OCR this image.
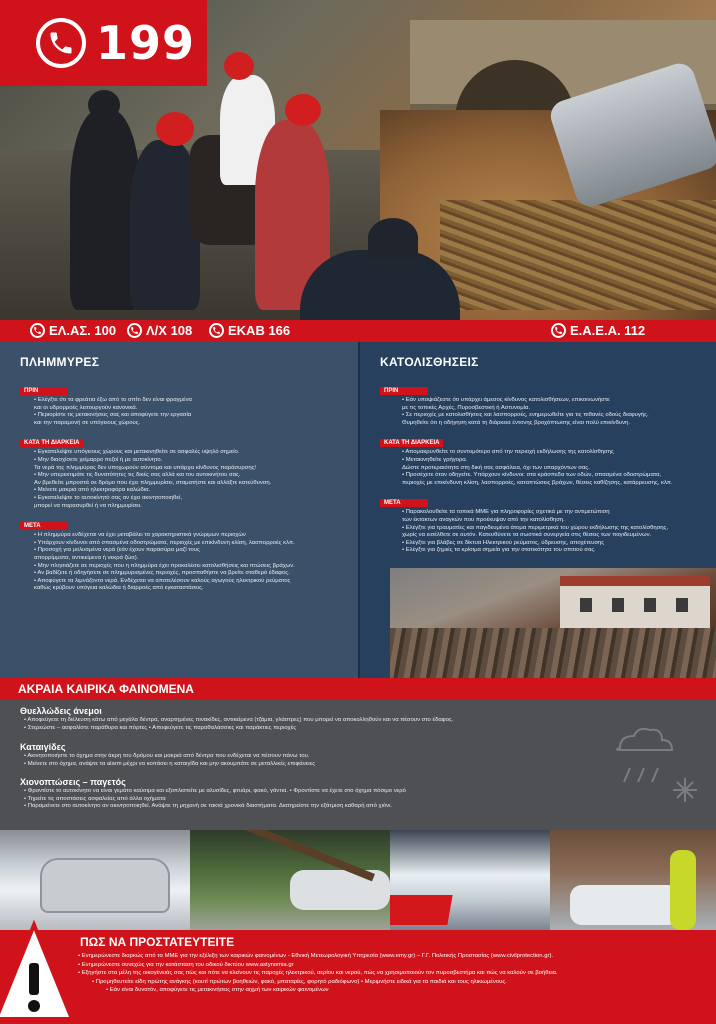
199
ΕΛ.ΑΣ. 100 Λ/Χ 108	ΕΚΑΒ 166	Ε.Α.Ε.Α. 112
ΠΛΗΜΜΥΡΕΣ
ΠΡΙΝ
• Ελέγξτε ότι τα φρεάτια έξω από το σπίτι δεν είναι φραγμένα
και οι υδρορροές λειτουργούν κανονικά.
• Περιορίστε τις μετακινήσεις σας και αποφύγετε την εργασία
και την παραμονή σε υπόγειους χώρους.
ΚΑΤΑ ΤΗ ΔΙΑΡΚΕΙΑ
• Εγκαταλείψτε υπόγειους χώρους και μετακινηθείτε σε ασφαλές υψηλό σημείο.
• Μην διασχίσετε χείμαρρο πεζοί ή με αυτοκίνητο.
Τα νερά της πλημμύρας δεν υποχωρούν σύντομα και υπάρχει κίνδυνος παράσυρσης!
• Μην υπερεκτιμάτε τις δυνατότητες τις δικές σας αλλά και του αυτοκινήτου σας.
Αν βρεθείτε μπροστά σε δρόμο που έχει πλημμυρίσει, σταματήστε και αλλάξτε κατεύθυνση.
• Μείνετε μακριά από ηλεκτροφόρα καλώδια.
• Εγκαταλείψτε το αυτοκίνητό σας αν έχει ακινητοποιηθεί,
μπορεί να παρασυρθεί ή να πλημμυρίσει.
ΜΕΤΑ
• Η πλημμύρα ενδέχεται να έχει μεταβάλει τα χαρακτηριστικά γνώριμων περιοχών
• Υπάρχουν κίνδυνοι από σπασμένα οδοστρώματα, περιοχές με επικίνδυνη κλίση, λασπορροές κλπ.
• Προσοχή για μολυσμένα νερά (εάν έχουν παρασύρει μαζί τους
απορρίμματα, αντικείμενα ή νεκρά ζώα).
• Μην πλησιάζετε σε περιοχές που η πλημμύρα έχει προκαλέσει κατολισθήσεις και πτώσεις βράχων.
• Αν βαδίζετε ή οδηγήσετε σε πλημμυρισμένες περιοχές, προσπαθήστε να βρείτε σταθερό έδαφος.
• Αποφύγετε τα λιμνάζοντα νερά. Ενδέχεται να αποτελέσουν καλούς αγωγούς ηλεκτρικού ρεύματος
καθώς κρύβουν υπόγεια καλώδια ή διαρροές από εγκαταστάσεις.
ΚΑΤΟΛΙΣΘΗΣΕΙΣ
ΠΡΙΝ
• Εάν υποψιάζεστε ότι υπάρχει άμεσος κίνδυνος κατολισθήσεων, επικοινωνήστε
με τις τοπικές Αρχές, Πυροσβεστική ή Αστυνομία.
• Σε περιοχές με κατολισθήσεις και λασπορροές, ενημερωθείτε για τις πιθανές οδούς διαφυγής.
Θυμηθείτε ότι η οδήγηση κατά τη διάρκεια έντονης βροχόπτωσης είναι πολύ επικίνδυνη.
ΚΑΤΑ ΤΗ ΔΙΑΡΚΕΙΑ
• Απομακρυνθείτε το συντομότερο από την περιοχή εκδήλωσης της κατολίσθησης
• Μετακινηθείτε γρήγορα.
Δώστε προτεραιότητα στη δική σας ασφάλεια, όχι των υπαρχόντων σας.
• Προσέχετε όταν οδηγείτε. Υπάρχουν κίνδυνοι: στα κράσπεδα των οδών, σπασμένα οδοστρώματα,
περιοχές με επικίνδυνη κλίση, λασπορροές, καταπτώσεις βράχων, θέσεις καθίζησης, κατάρρευσης, κλπ.
ΜΕΤΑ
• Παρακολουθείτε τα τοπικά ΜΜΕ για πληροφορίες σχετικά με την αντιμετώπιση
των έκτακτων αναγκών που προέκυψαν από την κατολίσθηση.
• Ελέγξτε για τραυματίες και παγιδευμένα άτομα περιμετρικά του χώρου εκδήλωσης της κατολίσθησης,
χωρίς να εισέλθετε σε αυτόν. Κατευθύνετε τα σωστικά συνεργεία στις θέσεις των παγιδευμένων.
• Ελέγξτε για βλάβες σε δίκτυα Ηλεκτρικού ρεύματος, ύδρευσης, αποχέτευσης
• Ελέγξτε για ζημιές τα κρίσιμα σημεία για την στατικότητα του σπιτιού σας.
ΑΚΡΑΙΑ ΚΑΙΡΙΚΑ ΦΑΙΝΟΜΕΝΑ
Θυελλώδεις άνεμοι
• Αποφεύγετε τη διέλευση κάτω από μεγάλα δέντρα, αναρτημένες πινακίδες, αντικείμενα (τζάμια, γλάστρες) που μπορεί να αποκολληθούν και να πέσουν στο έδαφος.
• Στερεώστε – ασφαλίστε παράθυρα και πόρτες • Αποφεύγετε τις παραθαλάσσιες και παράκτιες περιοχές
Καταιγίδες
• Ακινητοποιήστε το όχημα στην άκρη του δρόμου και μακριά από δέντρα που ενδέχεται να πέσουν πάνω του.
• Μείνετε στο όχημα, ανάψτε τα alarm μέχρι να κοπάσει η καταιγίδα και μην ακουμπάτε σε μεταλλικές επιφάνειες
Χιονοπτώσεις – παγετός
• Φροντίστε το αυτοκίνητο να είναι γεμάτο καύσιμα και εξοπλιστείτε με αλυσίδες, φτυάρι, φακό, γάντια. • Φροντίστε να έχετε στο όχημα πόσιμο νερό
• Τηρείτε τις αποστάσεις ασφαλείας από άλλα οχήματα
• Παραμείνετε στο αυτοκίνητο αν ακινητοποιηθεί. Ανάψτε τη μηχανή σε τακτά χρονικά διαστήματα. Διατηρείστε την εξάτμιση καθαρή από χιόνι.
ΠΩΣ ΝΑ ΠΡΟΣΤΑΤΕΥΤΕΙΤΕ
• Ενημερώνεστε διαρκώς από τα ΜΜΕ για την εξέλιξη των καιρικών φαινομένων - Εθνική Μετεωρολογική Υπηρεσία (www.emy.gr) – Γ.Γ. Πολιτικής Προστασίας (www.civilprotection.gr).
• Ενημερώνεστε συνεχώς για την κατάσταση του οδικού δικτύου www.astynomia.gr
• Εξηγήστε στα μέλη της οικογένειάς σας πώς και πότε να κλείνουν τις παροχές ηλεκτρικού, αερίου και νερού, πώς να χρησιμοποιούν τον πυροσβεστήρα και πώς να καλούν σε βοήθεια.
• Προμηθευτείτε είδη πρώτης ανάγκης (κουτί πρώτων βοηθειών, φακό, μπαταρίες, φορητό ραδιόφωνο) • Μεριμνήστε ειδικά για τα παιδιά και τους ηλικιωμένους.
• Εάν είναι δυνατόν, αποφύγετε τις μετακινήσεις στην αιχμή των καιρικών φαινομένων
